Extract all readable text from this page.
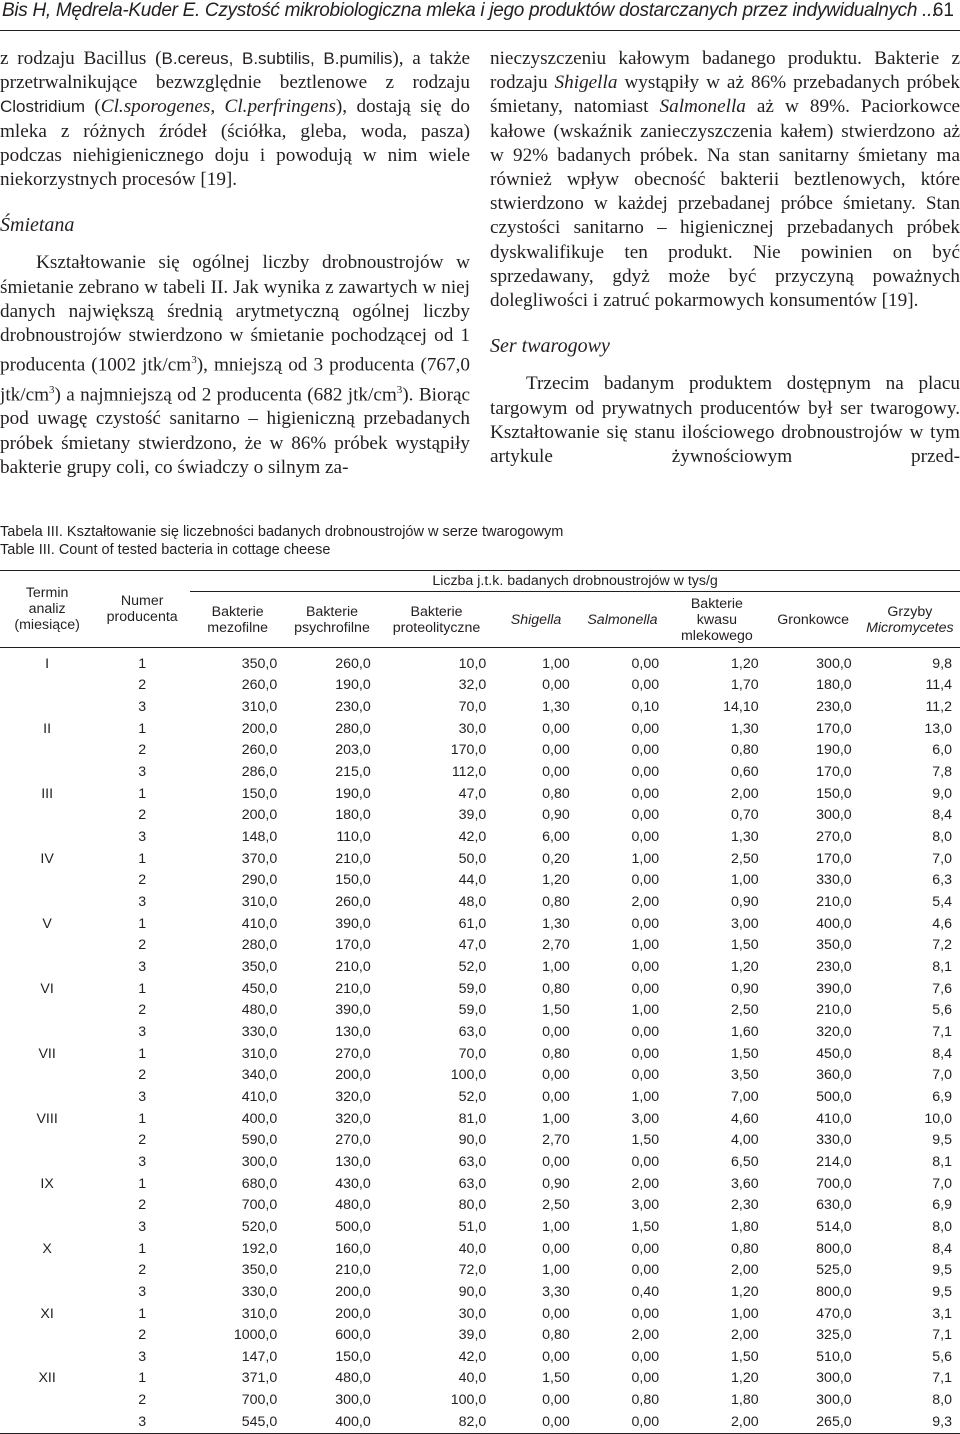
Bis H, Mędrela-Kuder E. Czystość mikrobiologiczna mleka i jego produktów dostarczanych przez indywidualnych ...
61

z rodzaju Bacillus (B.cereus, B.subtilis, B.pumilis), a także przetrwalnikujące bezwzględnie beztlenowe z rodzaju Clostridium (Cl.sporogenes, Cl.perfringens), dostają się do mleka z różnych źródeł (ściółka, gleba, woda, pasza) podczas niehigienicznego doju i powodują w nim wiele niekorzystnych procesów [19].

Śmietana

Kształtowanie się ogólnej liczby drobnoustrojów w śmietanie zebrano w tabeli II. Jak wynika z zawartych w niej danych największą średnią arytmetyczną ogólnej liczby drobnoustrojów stwierdzono w śmietanie pochodzącej od 1 producenta (1002 jtk/$cm^3$), mniejszą od 3 producenta (767,0 jtk/$cm^3$) a najmniejszą od 2 producenta (682 jtk/$cm^3$). Biorąc pod uwagę czystość sanitarno – higieniczną przebadanych próbek śmietany stwierdzono, że w 86% próbek wystąpiły bakterie grupy coli, co świadczy o silnym za-

nieczyszczeniu kałowym badanego produktu. Bakterie z rodzaju Shigella wystąpiły w aż 86% przebadanych próbek śmietany, natomiast Salmonella aż w 89%. Paciorkowce kałowe (wskaźnik zanieczyszczenia kałem) stwierdzono aż w 92% badanych próbek. Na stan sanitarny śmietany ma również wpływ obecność bakterii beztlenowych, które stwierdzono w każdej przebadanej próbce śmietany. Stan czystości sanitarno – higienicznej przebadanych próbek dyskwalifikuje ten produkt. Nie powinien on być sprzedawany, gdyż może być przyczyną poważnych dolegliwości i zatruć pokarmowych konsumentów [19].

Ser twarogowy

Trzecim badanym produktem dostępnym na placu targowym od prywatnych producentów był ser twarogowy. Kształtowanie się stanu ilościowego drobnoustrojów w tym artykule żywnościowym przed-

Tabela III. Kształtowanie się liczebności badanych drobnoustrojów w serze twarogowym
Table III. Count of tested bacteria in cottage cheese
Termin analiz (miesiące)	Numer producenta	Liczba j.t.k. badanych drobnoustrojów w tys/g							
		Bakterie mezofilne	Bakterie psychrofilne	Bakterie proteolityczne	Shigella	Salmonella	Bakterie kwasu mlekowego	Gronkowce	Grzyby
Micromycetes
I	1	350,0	260,0	10,0	1,00	0,00	1,20	300,0	9,8
	2	260,0	190,0	32,0	0,00	0,00	1,70	180,0	11,4
	3	310,0	230,0	70,0	1,30	0,10	14,10	230,0	11,2
II	1	200,0	280,0	30,0	0,00	0,00	1,30	170,0	13,0
	2	260,0	203,0	170,0	0,00	0,00	0,80	190,0	6,0
	3	286,0	215,0	112,0	0,00	0,00	0,60	170,0	7,8
III	1	150,0	190,0	47,0	0,80	0,00	2,00	150,0	9,0
	2	200,0	180,0	39,0	0,90	0,00	0,70	300,0	8,4
	3	148,0	110,0	42,0	6,00	0,00	1,30	270,0	8,0
IV	1	370,0	210,0	50,0	0,20	1,00	2,50	170,0	7,0
	2	290,0	150,0	44,0	1,20	0,00	1,00	330,0	6,3
	3	310,0	260,0	48,0	0,80	2,00	0,90	210,0	5,4
V	1	410,0	390,0	61,0	1,30	0,00	3,00	400,0	4,6
	2	280,0	170,0	47,0	2,70	1,00	1,50	350,0	7,2
	3	350,0	210,0	52,0	1,00	0,00	1,20	230,0	8,1
VI	1	450,0	210,0	59,0	0,80	0,00	0,90	390,0	7,6
	2	480,0	390,0	59,0	1,50	1,00	2,50	210,0	5,6
	3	330,0	130,0	63,0	0,00	0,00	1,60	320,0	7,1
VII	1	310,0	270,0	70,0	0,80	0,00	1,50	450,0	8,4
	2	340,0	200,0	100,0	0,00	0,00	3,50	360,0	7,0
	3	410,0	320,0	52,0	0,00	1,00	7,00	500,0	6,9
VIII	1	400,0	320,0	81,0	1,00	3,00	4,60	410,0	10,0
	2	590,0	270,0	90,0	2,70	1,50	4,00	330,0	9,5
	3	300,0	130,0	63,0	0,00	0,00	6,50	214,0	8,1
IX	1	680,0	430,0	63,0	0,90	2,00	3,60	700,0	7,0
	2	700,0	480,0	80,0	2,50	3,00	2,30	630,0	6,9
	3	520,0	500,0	51,0	1,00	1,50	1,80	514,0	8,0
X	1	192,0	160,0	40,0	0,00	0,00	0,80	800,0	8,4
	2	350,0	210,0	72,0	1,00	0,00	2,00	525,0	9,5
	3	330,0	200,0	90,0	3,30	0,40	1,20	800,0	9,5
XI	1	310,0	200,0	30,0	0,00	0,00	1,00	470,0	3,1
	2	1000,0	600,0	39,0	0,80	2,00	2,00	325,0	7,1
	3	147,0	150,0	42,0	0,00	0,00	1,50	510,0	5,6
XII	1	371,0	480,0	40,0	1,50	0,00	1,20	300,0	7,1
	2	700,0	300,0	100,0	0,00	0,80	1,80	300,0	8,0
	3	545,0	400,0	82,0	0,00	0,00	2,00	265,0	9,3
